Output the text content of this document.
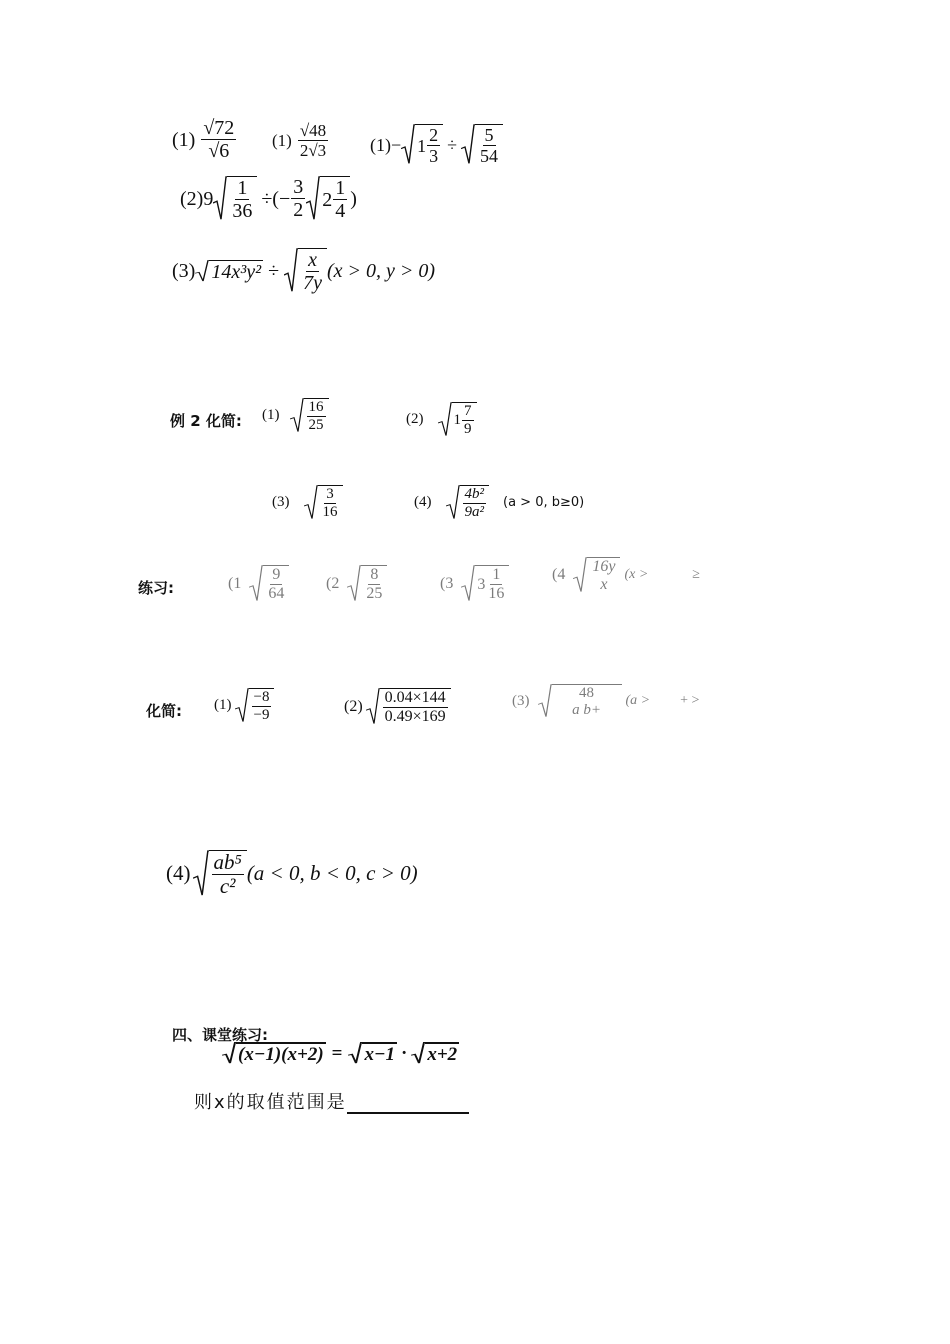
$(1) \frac{√72}{√6} (1) \frac{√48}{2√3} (1)- 1 \frac{2}{3} \div \frac{5}{54}$
$(2)9 \frac{1}{36}$ ÷(− $\frac{3}{2} 2 \frac{1}{4}$ )
(3) $14x^3y^2 \div \frac{x}{7y} (x > 0$, y > 0)
例 2 化简: $(1) \frac{16}{25}$	(2) $1 \frac{7}{9}$
$(3) \frac{3}{16}$	$(4) \frac{\text{4b²}}{\text{9a²}} (a > 0$, b≥0)
练习:	($1 \frac{9}{64} (2 \frac{8}{25}$	(3 $3 \frac{1}{16}$	(4 16y
x
(x >	≥
化简: $(1) \frac{-8}{-9}$	$(2) \frac{0.04\times 144}{0.49\times 169}$	(3)	48
a b+
(a > + >
$(4) \frac{\text{ab⁵}}{\text{c²}} (a < 0$, b < 0, c > 0)
四、课堂练习:
(x−1)(x+2) = x−1 · x+2
则x的取值范围是
